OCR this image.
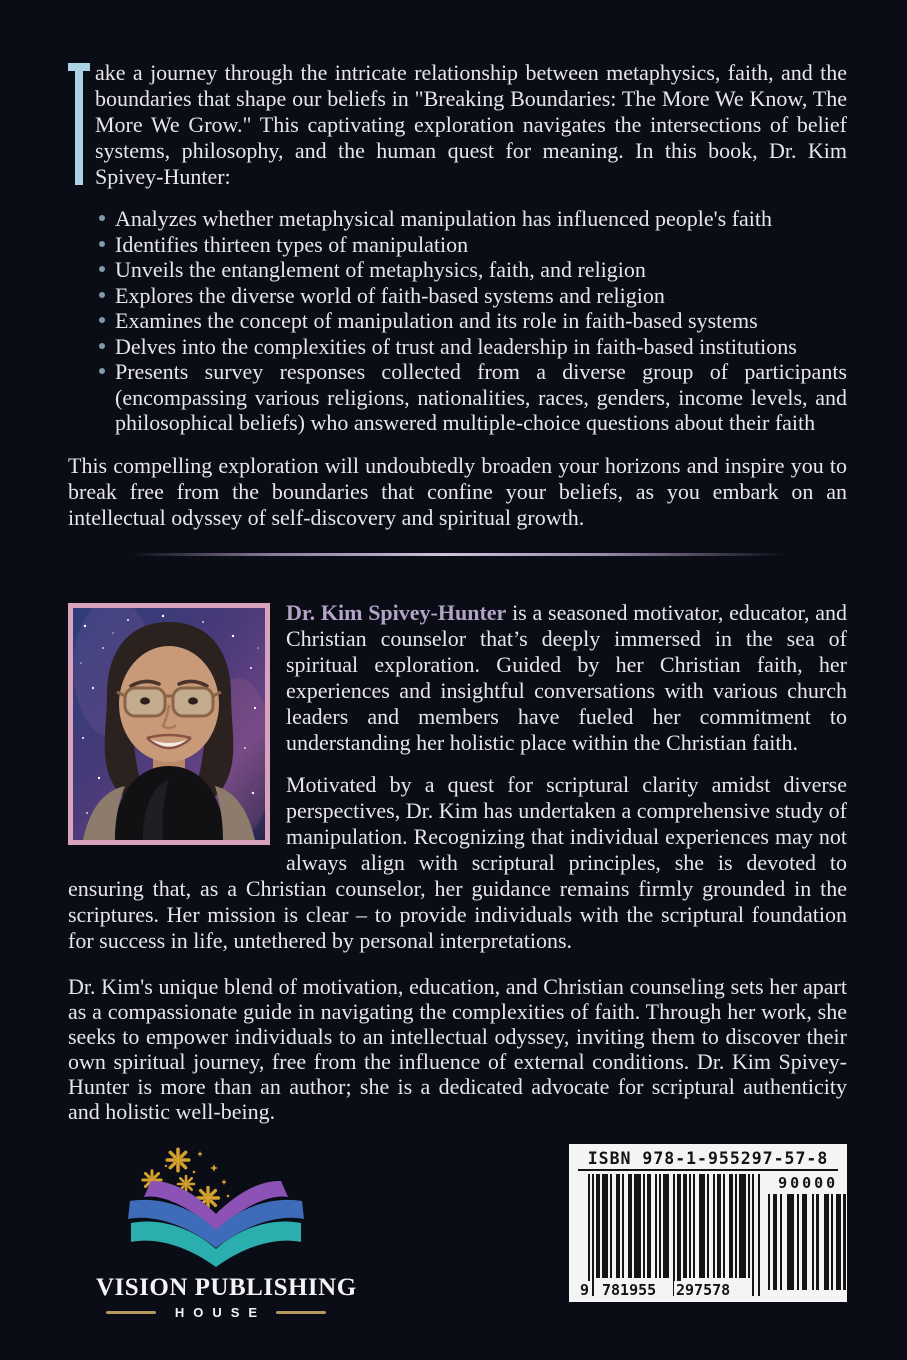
ake a journey through the intricate relationship between metaphysics, faith, and the boundaries that shape our beliefs in "Breaking Boundaries: The More We Know, The More We Grow." This captivating exploration navigates the intersections of belief systems, philosophy, and the human quest for meaning. In this book, Dr. Kim Spivey-Hunter:
Analyzes whether metaphysical manipulation has influenced people's faith
Identifies thirteen types of manipulation
Unveils the entanglement of metaphysics, faith, and religion
Explores the diverse world of faith-based systems and religion
Examines the concept of manipulation and its role in faith-based systems
Delves into the complexities of trust and leadership in faith-based institutions
Presents survey responses collected from a diverse group of participants (encompassing various religions, nationalities, races, genders, income levels, and philosophical beliefs) who answered multiple-choice questions about their faith
This compelling exploration will undoubtedly broaden your horizons and inspire you to break free from the boundaries that confine your beliefs, as you embark on an intellectual odyssey of self-discovery and spiritual growth.
Dr. Kim Spivey-Hunter is a seasoned motivator, educator, and Christian counselor that’s deeply immersed in the sea of spiritual exploration. Guided by her Christian faith, her experiences and insightful conversations with various church leaders and members have fueled her commitment to understanding her holistic place within the Christian faith.
Motivated by a quest for scriptural clarity amidst diverse perspectives, Dr. Kim has undertaken a comprehensive study of manipulation. Recognizing that individual experiences may not always align with scriptural principles, she is devoted to ensuring that, as a Christian counselor, her guidance remains firmly grounded in the scriptures. Her mission is clear – to provide individuals with the scriptural foundation for success in life, untethered by personal interpretations.
Dr. Kim's unique blend of motivation, education, and Christian counseling sets her apart as a compassionate guide in navigating the complexities of faith. Through her work, she seeks to empower individuals to an intellectual odyssey, inviting them to discover their own spiritual journey, free from the influence of external conditions. Dr. Kim Spivey-Hunter is more than an author; she is a dedicated advocate for scriptural authenticity and holistic well-being.
VISION PUBLISHING
HOUSE
ISBN 978-1-955297-57-8
9 781955 297578
90000
